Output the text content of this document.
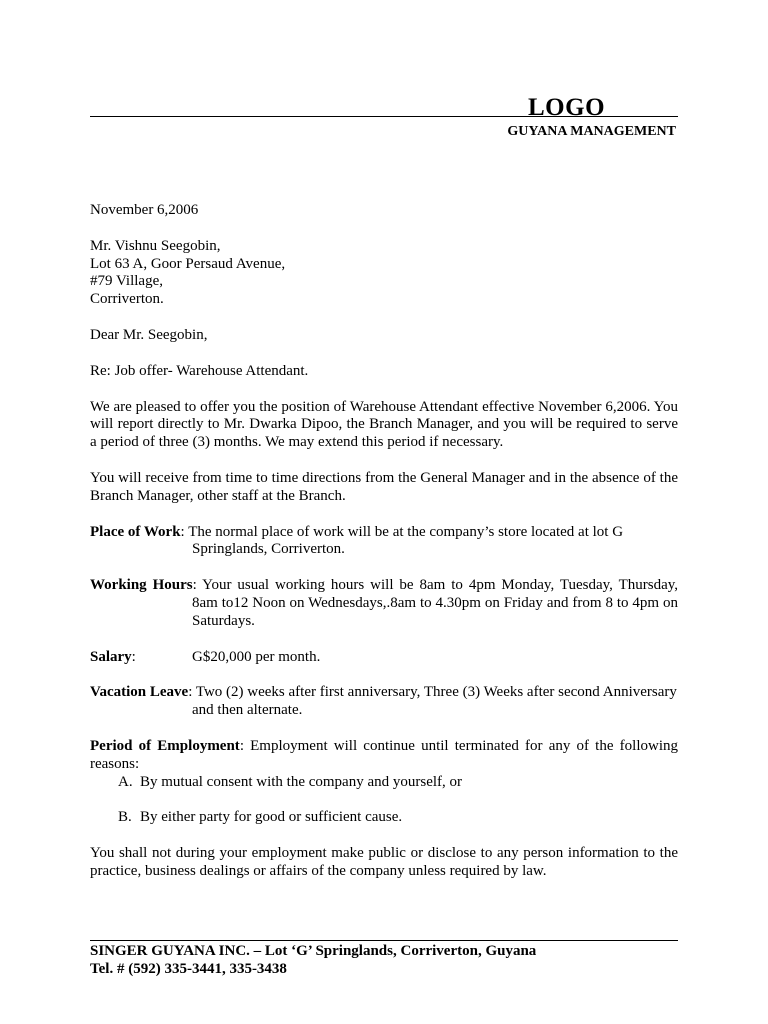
LOGO
GUYANA MANAGEMENT

November 6,2006

Mr. Vishnu Seegobin,

Lot 63 A, Goor Persaud Avenue,

#79 Village,

Corriverton.

Dear Mr. Seegobin,

Re: Job offer- Warehouse Attendant.

We are pleased to offer you the position of Warehouse Attendant effective November 6,2006. You will report directly to Mr. Dwarka Dipoo, the Branch Manager, and you will be required to serve a period of three (3) months. We may extend this period if necessary.

You will receive from time to time directions from the General Manager and in the absence of the Branch Manager, other staff at the Branch.

Place of Work: The normal place of work will be at the company’s store located at lot G Springlands, Corriverton.

Working Hours: Your usual working hours will be 8am to 4pm Monday, Tuesday, Thursday, 8am to12 Noon on Wednesdays,.8am to 4.30pm on Friday and from 8 to 4pm on Saturdays.

Salary:	G$20,000 per month.

Vacation Leave: Two (2) weeks after first anniversary, Three (3) Weeks after second Anniversary and then alternate.

Period of Employment: Employment will continue until terminated for any of the following reasons:

A. By mutual consent with the company and yourself, or
B. By either party for good or sufficient cause.

You shall not during your employment make public or disclose to any person information to the practice, business dealings or affairs of the company unless required by law.

SINGER GUYANA INC. – Lot ‘G’ Springlands, Corriverton, Guyana
Tel. # (592) 335-3441, 335-3438
